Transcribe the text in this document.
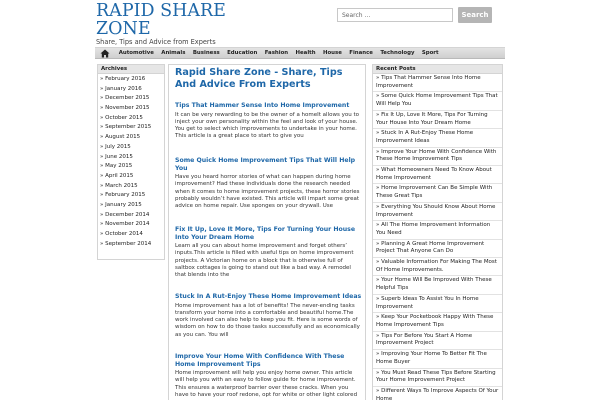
RAPID SHARE ZONE
Share, Tips and Advice from Experts
Search ...
Search
Automotive	Animals	Business	Education	Fashion	Health	House	Finance	Technology	Sport
Archives
» February 2016
» January 2016
» December 2015
» November 2015
» October 2015
» September 2015
» August 2015
» July 2015
» June 2015
» May 2015
» April 2015
» March 2015
» February 2015
» January 2015
» December 2014
» November 2014
» October 2014
» September 2014
Rapid Share Zone - Share, Tips And Advice From Experts
Tips That Hammer Sense Into Home Improvement
It can be very rewarding to be the owner of a homeIt allows you to inject your own personality within the feel and look of your house. You get to select which improvements to undertake in your home. This article is a great place to start to give you
Some Quick Home Improvement Tips That Will Help You
Have you heard horror stories of what can happen during home improvement? Had these individuals done the research needed when it comes to home improvement projects, these horror stories probably wouldn’t have existed. This article will impart some great advice on home repair. Use sponges on your drywall. Use
Fix It Up, Love It More, Tips For Turning Your House Into Your Dream Home
Learn all you can about home improvement and forget others’ inputs.This article is filled with useful tips on home improvement projects. A Victorian home on a block that is otherwise full of saltbox cottages is going to stand out like a bad way. A remodel that blends into the
Stuck In A Rut-Enjoy These Home Improvement Ideas
Home improvement has a lot of benefits! The never-ending tasks transform your home into a comfortable and beautiful home.The work involved can also help to keep you fit. Here is some words of wisdom on how to do those tasks successfully and as economically as you can. You will
Improve Your Home With Confidence With These Home Improvement Tips
Home improvement will help you enjoy home owner. This article will help you with an easy to follow guide for home improvement. This ensures a waterproof barrier over these cracks. When you have to have your roof redone, opt for white or other light colored
Recent Posts
» Tips That Hammer Sense Into Home Improvement
» Some Quick Home Improvement Tips That Will Help You
» Fix It Up, Love It More, Tips For Turning Your House Into Your Dream Home
» Stuck In A Rut-Enjoy These Home Improvement Ideas
» Improve Your Home With Confidence With These Home Improvement Tips
» What Homeowners Need To Know About Home Improvement
» Home Improvement Can Be Simple With These Great Tips
» Everything You Should Know About Home Improvement
» All The Home Improvement Information You Need
» Planning A Great Home Improvement Project That Anyone Can Do
» Valuable Information For Making The Most Of Home Improvements.
» Your Home Will Be Improved With These Helpful Tips
» Superb Ideas To Assist You In Home Improvement
» Keep Your Pocketbook Happy With These Home Improvement Tips
» Tips For Before You Start A Home Improvement Project
» Improving Your Home To Better Fit The Home Buyer
» You Must Read These Tips Before Starting Your Home Improvement Project
» Different Ways To Improve Aspects Of Your Home
